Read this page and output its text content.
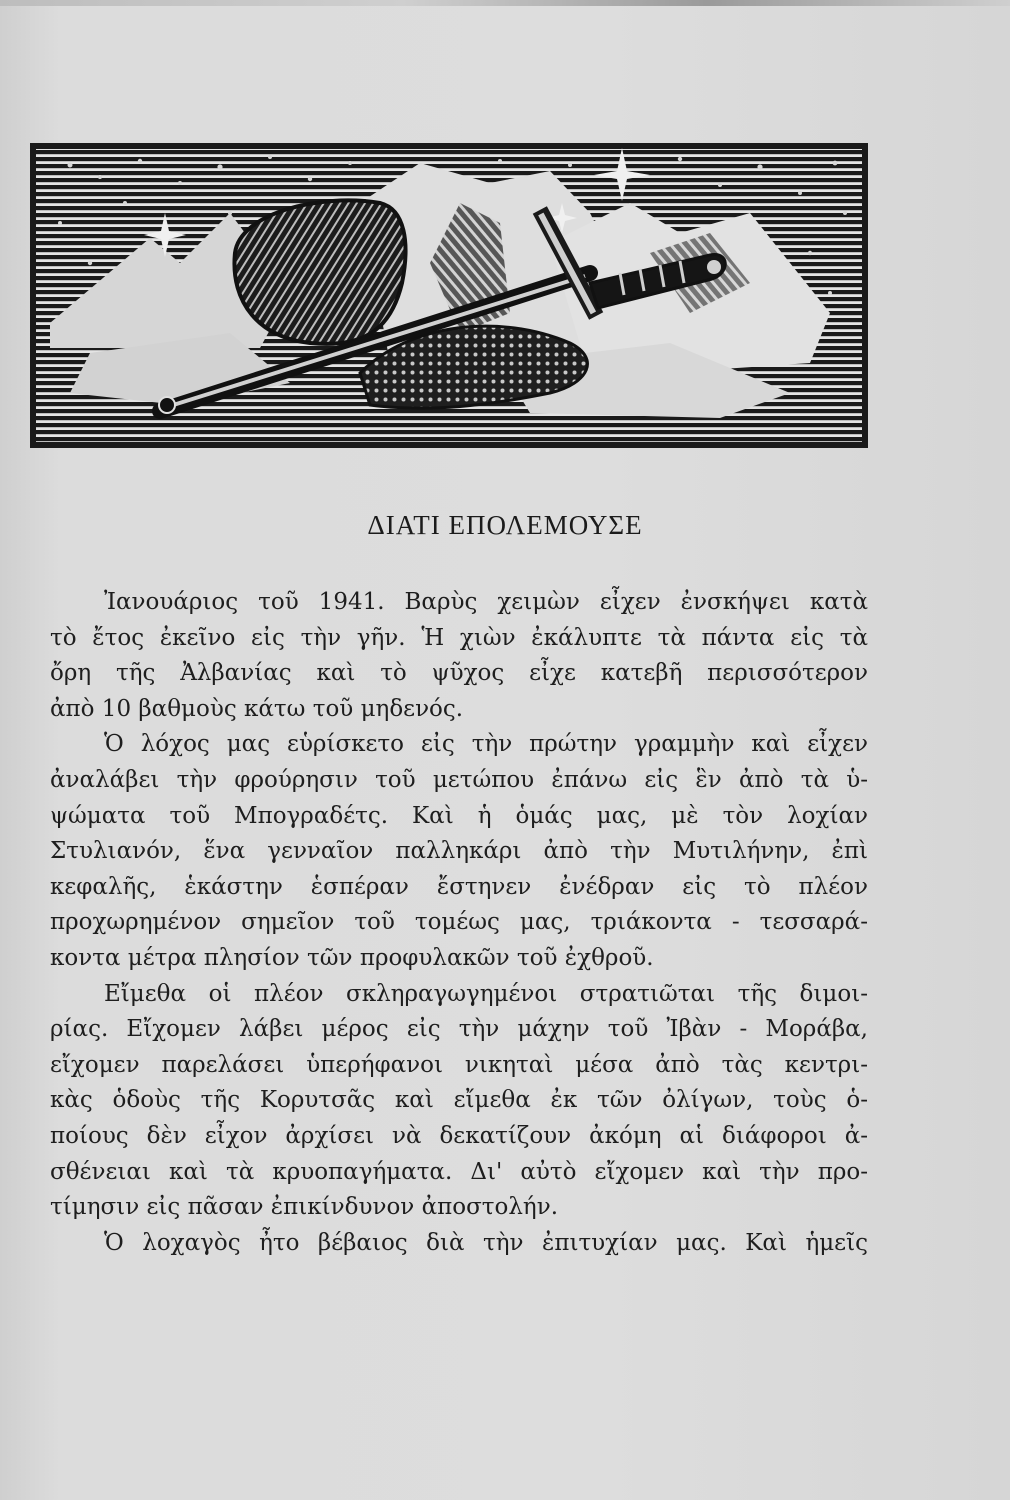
ΔΙΑΤΙ ΕΠΟΛΕΜΟΥΣΕ
Ἰανουάριος τοῦ 1941. Βαρὺς χειμὼν εἶχεν ἐνσκήψει κατὰ
τὸ ἔτος ἐκεῖνο εἰς τὴν γῆν. Ἡ χιὼν ἐκάλυπτε τὰ πάντα εἰς τὰ
ὄρη τῆς Ἀλβανίας καὶ τὸ ψῦχος εἶχε κατεβῆ περισσότερον
ἀπὸ 10 βαθμοὺς κάτω τοῦ μηδενός.
Ὁ λόχος μας εὑρίσκετο εἰς τὴν πρώτην γραμμὴν καὶ εἶχεν
ἀναλάβει τὴν φρούρησιν τοῦ μετώπου ἐπάνω εἰς ἓν ἀπὸ τὰ ὑ-
ψώματα τοῦ Μπογραδέτς. Καὶ ἡ ὁμάς μας, μὲ τὸν λοχίαν
Στυλιανόν, ἕνα γενναῖον παλληκάρι ἀπὸ τὴν Μυτιλήνην, ἐπὶ
κεφαλῆς, ἑκάστην ἑσπέραν ἔστηνεν ἐνέδραν εἰς τὸ πλέον
προχωρημένον σημεῖον τοῦ τομέως μας, τριάκοντα - τεσσαρά-
κοντα μέτρα πλησίον τῶν προφυλακῶν τοῦ ἐχθροῦ.
Εἴμεθα οἱ πλέον σκληραγωγημένοι στρατιῶται τῆς διμοι-
ρίας. Εἴχομεν λάβει μέρος εἰς τὴν μάχην τοῦ Ἰβὰν - Μοράβα,
εἴχομεν παρελάσει ὑπερήφανοι νικηταὶ μέσα ἀπὸ τὰς κεντρι-
κὰς ὁδοὺς τῆς Κορυτσᾶς καὶ εἴμεθα ἐκ τῶν ὀλίγων, τοὺς ὁ-
ποίους δὲν εἶχον ἀρχίσει νὰ δεκατίζουν ἀκόμη αἱ διάφοροι ἀ-
σθένειαι καὶ τὰ κρυοπαγήματα. Δι' αὐτὸ εἴχομεν καὶ τὴν προ-
τίμησιν εἰς πᾶσαν ἐπικίνδυνον ἀποστολήν.
Ὁ λοχαγὸς ἦτο βέβαιος διὰ τὴν ἐπιτυχίαν μας. Καὶ ἡμεῖς
